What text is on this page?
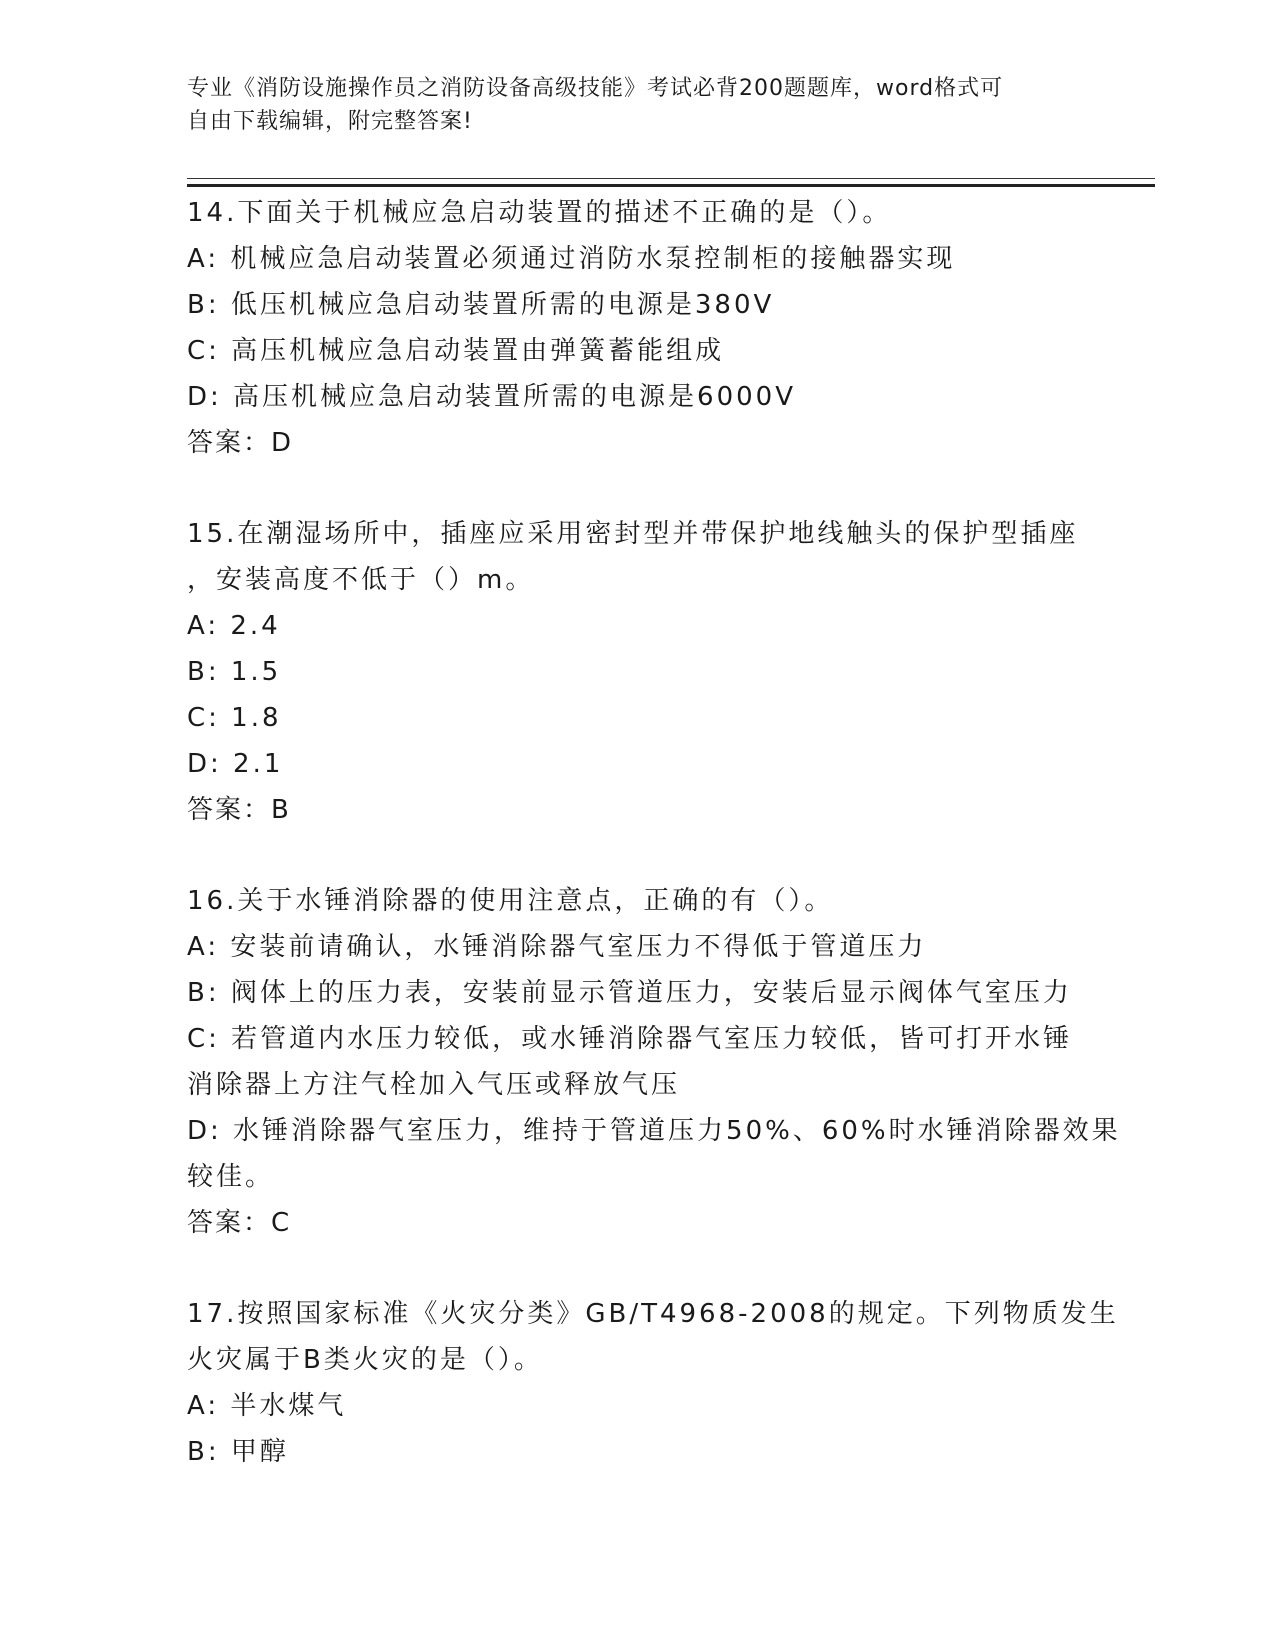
专业《消防设施操作员之消防设备高级技能》考试必背200题题库，word格式可
自由下载编辑，附完整答案!
14.下面关于机械应急启动装置的描述不正确的是（）。
A: 机械应急启动装置必须通过消防水泵控制柜的接触器实现
B: 低压机械应急启动装置所需的电源是380V
C: 高压机械应急启动装置由弹簧蓄能组成
D: 高压机械应急启动装置所需的电源是6000V
答案：D
15.在潮湿场所中，插座应采用密封型并带保护地线触头的保护型插座
，安装高度不低于（）m。
A: 2.4
B: 1.5
C: 1.8
D: 2.1
答案：B
16.关于水锤消除器的使用注意点，正确的有（）。
A: 安装前请确认，水锤消除器气室压力不得低于管道压力
B: 阀体上的压力表，安装前显示管道压力，安装后显示阀体气室压力
C: 若管道内水压力较低，或水锤消除器气室压力较低，皆可打开水锤
消除器上方注气栓加入气压或释放气压
D: 水锤消除器气室压力，维持于管道压力50%、60%时水锤消除器效果
较佳。
答案：C
17.按照国家标准《火灾分类》GB/T4968-2008的规定。下列物质发生
火灾属于B类火灾的是（）。
A: 半水煤气
B: 甲醇
